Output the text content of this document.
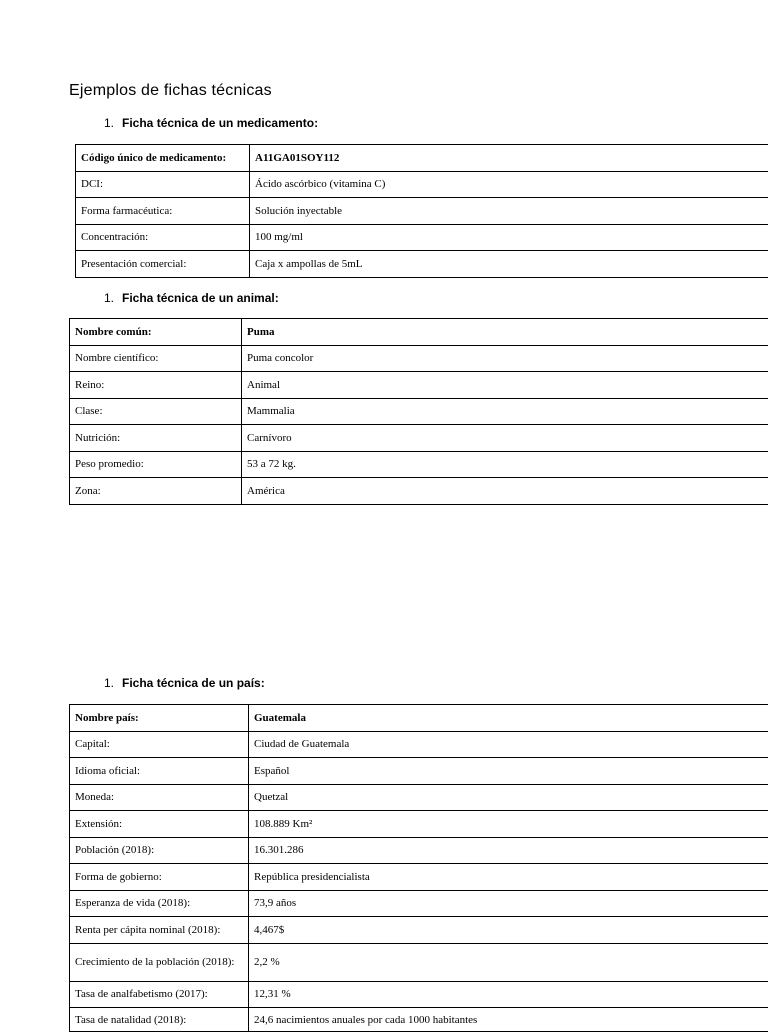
Ejemplos de fichas técnicas
1. Ficha técnica de un medicamento:
Código único de medicamento:	A11GA01SOY112
DCI:	Ácido ascórbico (vitamina C)
Forma farmacéutica:	Solución inyectable
Concentración:	100 mg/ml
Presentación comercial:	Caja x ampollas de 5mL
1. Ficha técnica de un animal:
Nombre común:	Puma
Nombre científico:	Puma concolor
Reino:	Animal
Clase:	Mammalia
Nutrición:	Carnívoro
Peso promedio:	53 a 72 kg.
Zona:	América
1. Ficha técnica de un país:
Nombre país:	Guatemala
Capital:	Ciudad de Guatemala
Idioma oficial:	Español
Moneda:	Quetzal
Extensión:	108.889 Km²
Población (2018):	16.301.286
Forma de gobierno:	República presidencialista
Esperanza de vida (2018):	73,9 años
Renta per cápita nominal (2018):	4,467$
Crecimiento de la población (2018):	2,2 %
Tasa de analfabetismo (2017):	12,31 %
Tasa de natalidad (2018):	24,6 nacimientos anuales por cada 1000 habitantes
